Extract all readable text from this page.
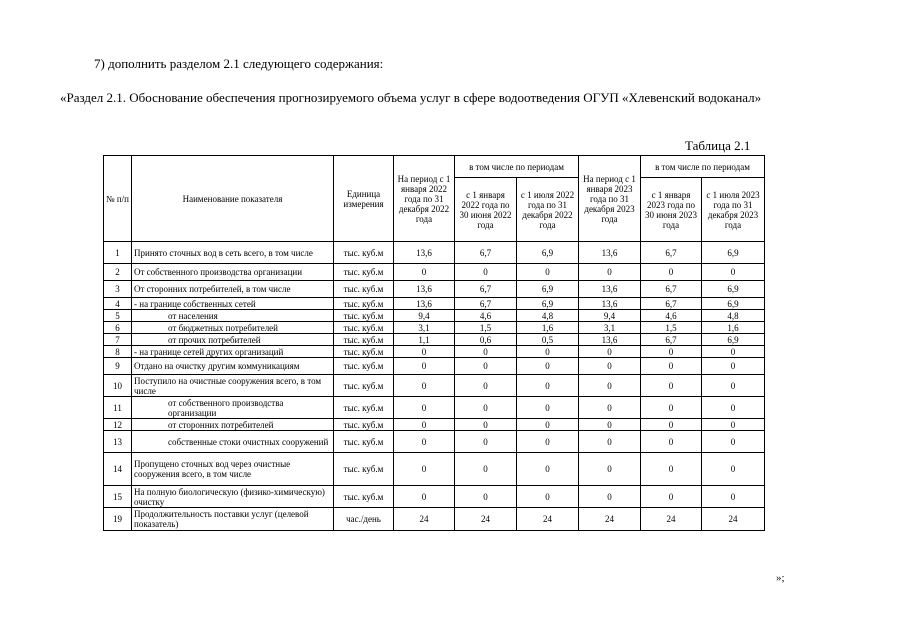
7) дополнить разделом 2.1 следующего содержания:
«Раздел 2.1. Обоснование обеспечения прогнозируемого объема услуг в сфере водоотведения ОГУП «Хлевенский водоканал»
Таблица 2.1
№ п/п	Наименование показателя	Единица измерения	На период с 1 января 2022 года по 31 декабря 2022 года	в том числе по периодам		На период с 1 января 2023 года по 31 декабря 2023 года	в том числе по периодам	
				с 1 января 2022 года по 30 июня 2022 года	с 1 июля 2022 года по 31 декабря 2022 года		с 1 января 2023 года по 30 июня 2023 года	с 1 июля 2023 года по 31 декабря 2023 года
1	Принято сточных вод в сеть всего, в том числе	тыс. куб.м	13,6	6,7	6,9	13,6	6,7	6,9
2	От собственного производства организации	тыс. куб.м	0	0	0	0	0	0
3	От сторонних потребителей, в том числе	тыс. куб.м	13,6	6,7	6,9	13,6	6,7	6,9
4	- на границе собственных сетей	тыс. куб.м	13,6	6,7	6,9	13,6	6,7	6,9
5	от населения	тыс. куб.м	9,4	4,6	4,8	9,4	4,6	4,8
6	от бюджетных потребителей	тыс. куб.м	3,1	1,5	1,6	3,1	1,5	1,6
7	от прочих потребителей	тыс. куб.м	1,1	0,6	0,5	13,6	6,7	6,9
8	- на границе сетей других организаций	тыс. куб.м	0	0	0	0	0	0
9	Отдано на очистку другим коммуникациям	тыс. куб.м	0	0	0	0	0	0
10	Поступило на очистные сооружения всего, в том числе	тыс. куб.м	0	0	0	0	0	0
11	от собственного производства организации	тыс. куб.м	0	0	0	0	0	0
12	от сторонних потребителей	тыс. куб.м	0	0	0	0	0	0
13	собственные стоки очистных сооружений	тыс. куб.м	0	0	0	0	0	0
14	Пропущено сточных вод через очистные сооружения всего, в том числе	тыс. куб.м	0	0	0	0	0	0
15	На полную биологическую (физико-химическую) очистку	тыс. куб.м	0	0	0	0	0	0
19	Продолжительность поставки услуг (целевой показатель)	час./день	24	24	24	24	24	24
»;
